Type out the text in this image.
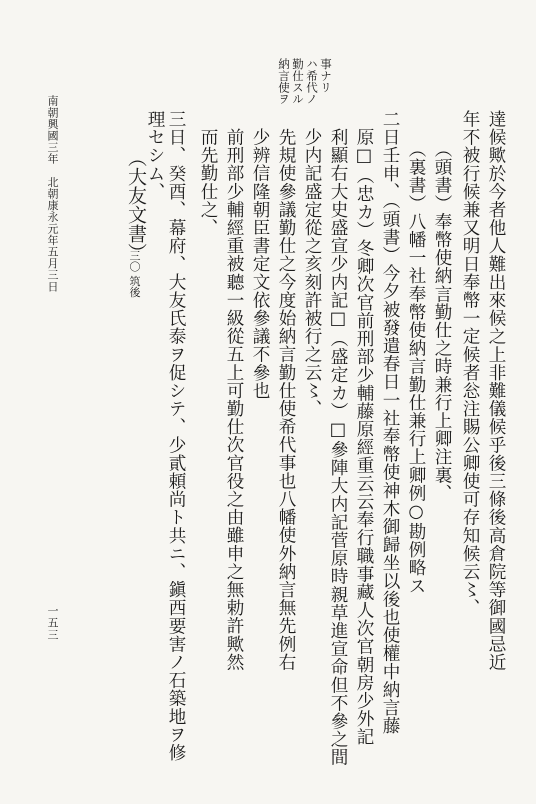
納言使ヲ 勤仕スル ハ希代ノ 事ナリ
達候歟於今者他人難出來候之上非難儀候乎後三條後高倉院等御國忌近
年不被行候兼又明日奉幣一定候者忩注賜公卿使可存知候云〻、
（頭書）奉幣使納言勤仕之時兼行上卿注裏、
（裏書）八幡一社奉幣使納言勤仕兼行上卿例○勘例略ス
二日壬申、（頭書）今夕被發遣春日一社奉幣使神木御歸坐以後也使權中納言藤
原□（忠カ）冬卿次官前刑部少輔藤原經重云云奉行職事藏人次官朝房少外記
利顯右大史盛宣少内記□（盛定カ）□參陣大内記菅原時親草進宣命但不參之間
少内記盛定從之亥刻許被行之云〻、
先規使參議勤仕之今度始納言勤仕使希代事也八幡使外納言無先例右
少辨信隆朝臣書定文依參議不參也
前刑部少輔經重被聽一級從五上可勤仕次官役之由雖申之無勅許歟然
而先勤仕之、
（大友文書）
三〇 筑後 三日、癸酉、幕府、大友氏泰ヲ促シテ、少貳頼尚ト共ニ、鎭西要害ノ石築地ヲ修
理セシム、
南朝興國三年　北朝康永元年五月三日
一五三
